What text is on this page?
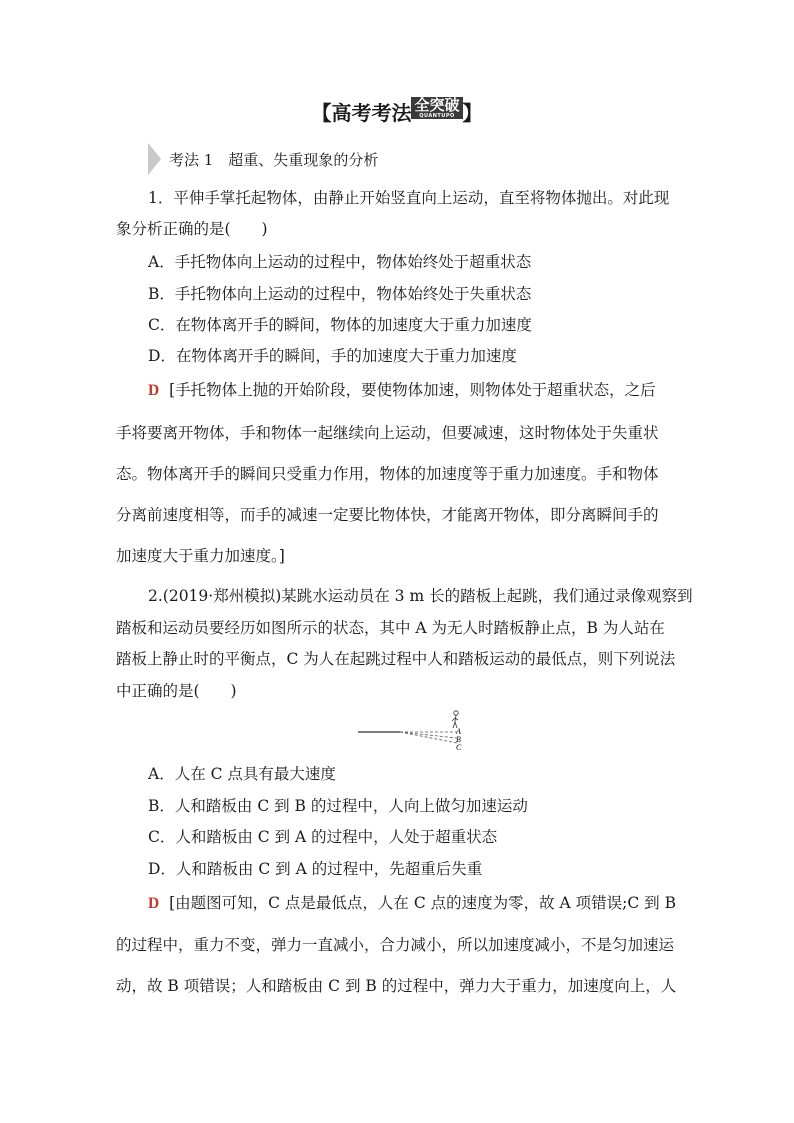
【高考考法 全突破
QUANTUPO 】
考法 1　超重、失重现象的分析
1．平伸手掌托起物体，由静止开始竖直向上运动，直至将物体抛出。对此现
象分析正确的是(　　)
A．手托物体向上运动的过程中，物体始终处于超重状态
B．手托物体向上运动的过程中，物体始终处于失重状态
C．在物体离开手的瞬间，物体的加速度大于重力加速度
D．在物体离开手的瞬间，手的加速度大于重力加速度
D [手托物体上抛的开始阶段，要使物体加速，则物体处于超重状态，之后
手将要离开物体，手和物体一起继续向上运动，但要减速，这时物体处于失重状
态。物体离开手的瞬间只受重力作用，物体的加速度等于重力加速度。手和物体
分离前速度相等，而手的减速一定要比物体快，才能离开物体，即分离瞬间手的
加速度大于重力加速度。]
2.(2019·郑州模拟)某跳水运动员在 3 m 长的踏板上起跳，我们通过录像观察到
踏板和运动员要经历如图所示的状态，其中 A 为无人时踏板静止点，B 为人站在
踏板上静止时的平衡点，C 为人在起跳过程中人和踏板运动的最低点，则下列说法
中正确的是(　　)
A
B
C
A．人在 C 点具有最大速度
B．人和踏板由 C 到 B 的过程中，人向上做匀加速运动
C．人和踏板由 C 到 A 的过程中，人处于超重状态
D．人和踏板由 C 到 A 的过程中，先超重后失重
D [由题图可知，C 点是最低点，人在 C 点的速度为零，故 A 项错误;C 到 B
的过程中，重力不变，弹力一直减小，合力减小，所以加速度减小，不是匀加速运
动，故 B 项错误；人和踏板由 C 到 B 的过程中，弹力大于重力，加速度向上，人
